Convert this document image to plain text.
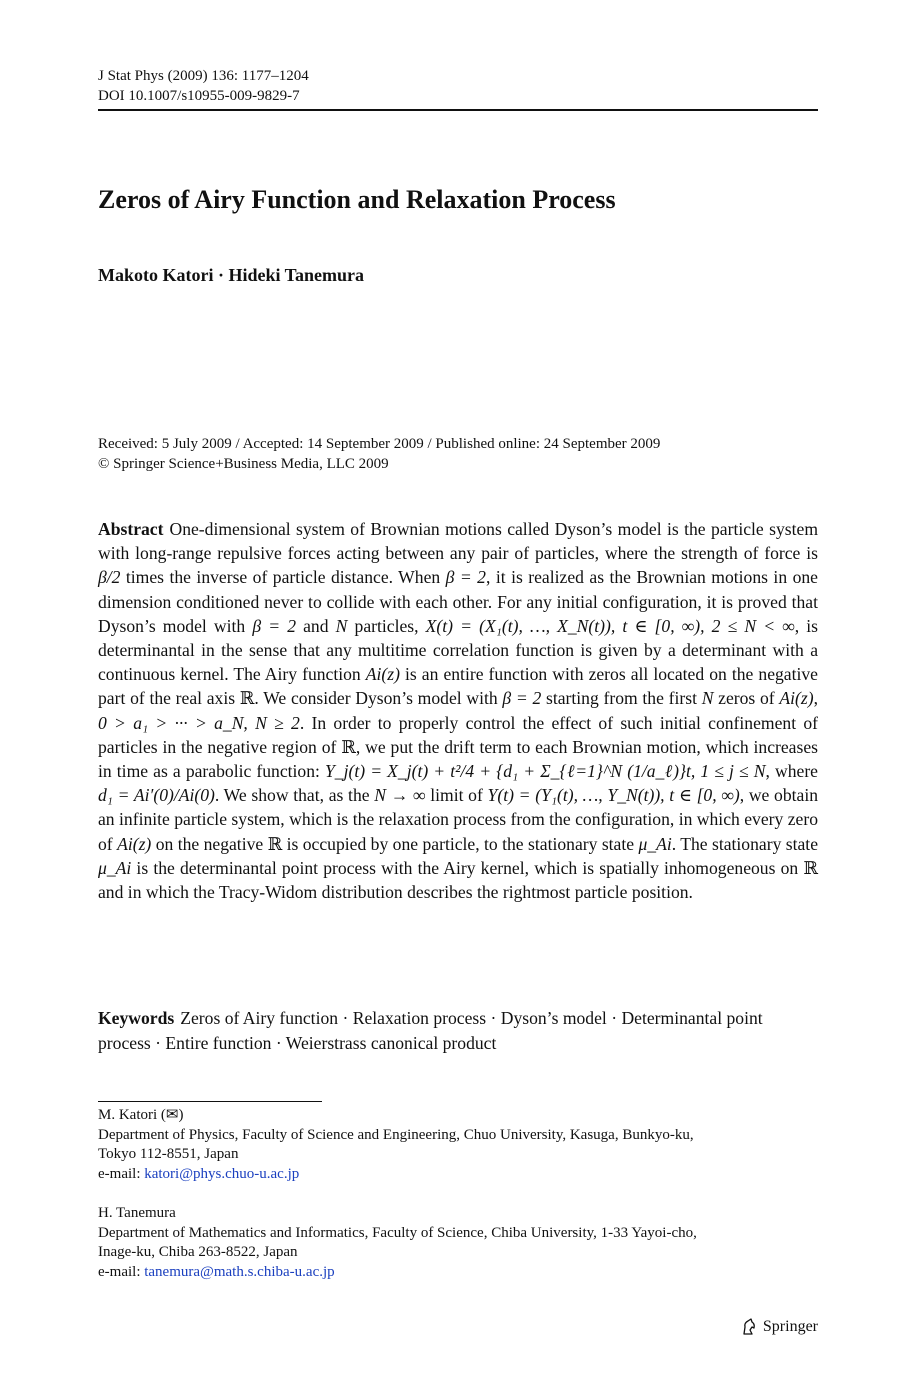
J Stat Phys (2009) 136: 1177–1204
DOI 10.1007/s10955-009-9829-7
Zeros of Airy Function and Relaxation Process
Makoto Katori · Hideki Tanemura
Received: 5 July 2009 / Accepted: 14 September 2009 / Published online: 24 September 2009
© Springer Science+Business Media, LLC 2009

Abstract One-dimensional system of Brownian motions called Dyson’s model is the particle system with long-range repulsive forces acting between any pair of particles, where the strength of force is β/2 times the inverse of particle distance. When β = 2, it is realized as the Brownian motions in one dimension conditioned never to collide with each other. For any initial configuration, it is proved that Dyson’s model with β = 2 and N particles, X(t) = (X₁(t), …, X_N(t)), t ∈ [0, ∞), 2 ≤ N < ∞, is determinantal in the sense that any multitime correlation function is given by a determinant with a continuous kernel. The Airy function Ai(z) is an entire function with zeros all located on the negative part of the real axis ℝ. We consider Dyson’s model with β = 2 starting from the first N zeros of Ai(z), 0 > a₁ > ··· > a_N, N ≥ 2. In order to properly control the effect of such initial confinement of particles in the negative region of ℝ, we put the drift term to each Brownian motion, which increases in time as a parabolic function: Y_j(t) = X_j(t) + t²/4 + {d₁ + Σ_{ℓ=1}^N (1/a_ℓ)}t, 1 ≤ j ≤ N, where d₁ = Ai′(0)/Ai(0). We show that, as the N → ∞ limit of Y(t) = (Y₁(t), …, Y_N(t)), t ∈ [0, ∞), we obtain an infinite particle system, which is the relaxation process from the configuration, in which every zero of Ai(z) on the negative ℝ is occupied by one particle, to the stationary state μ_Ai. The stationary state μ_Ai is the determinantal point process with the Airy kernel, which is spatially inhomogeneous on ℝ and in which the Tracy-Widom distribution describes the rightmost particle position.

Keywords Zeros of Airy function · Relaxation process · Dyson’s model · Determinantal point process · Entire function · Weierstrass canonical product

M. Katori (✉)
Department of Physics, Faculty of Science and Engineering, Chuo University, Kasuga, Bunkyo-ku,
Tokyo 112-8551, Japan
e-mail: katori@phys.chuo-u.ac.jp
H. Tanemura
Department of Mathematics and Informatics, Faculty of Science, Chiba University, 1-33 Yayoi-cho,
Inage-ku, Chiba 263-8522, Japan
e-mail: tanemura@math.s.chiba-u.ac.jp
Springer
